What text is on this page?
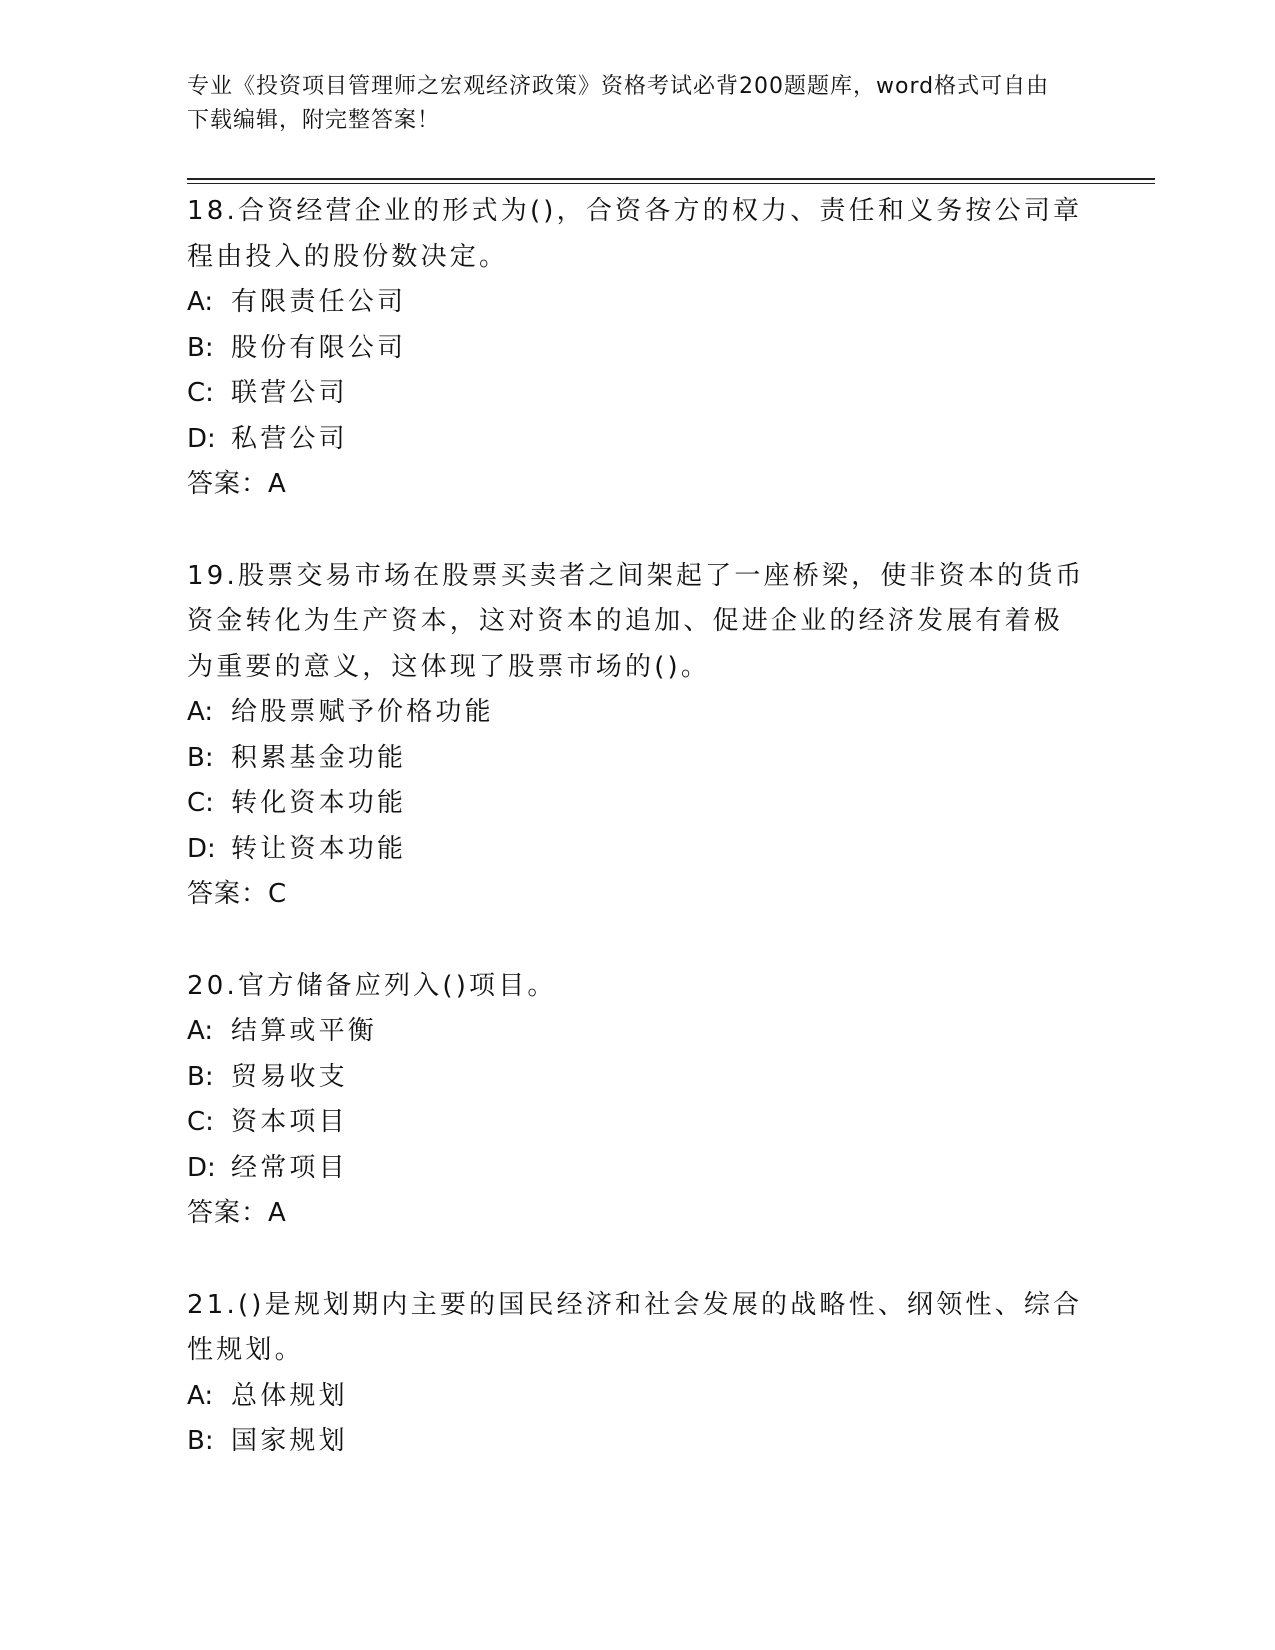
专业《投资项目管理师之宏观经济政策》资格考试必背200题题库，word格式可自由下载编辑，附完整答案！

18.合资经营企业的形式为()，合资各方的权力、责任和义务按公司章程由投入的股份数决定。

A: 有限责任公司

B: 股份有限公司

C: 联营公司

D: 私营公司

答案：A

19.股票交易市场在股票买卖者之间架起了一座桥梁，使非资本的货币资金转化为生产资本，这对资本的追加、促进企业的经济发展有着极为重要的意义，这体现了股票市场的()。

A: 给股票赋予价格功能

B: 积累基金功能

C: 转化资本功能

D: 转让资本功能

答案：C

20.官方储备应列入()项目。

A: 结算或平衡

B: 贸易收支

C: 资本项目

D: 经常项目

答案：A

21.()是规划期内主要的国民经济和社会发展的战略性、纲领性、综合性规划。

A: 总体规划

B: 国家规划
